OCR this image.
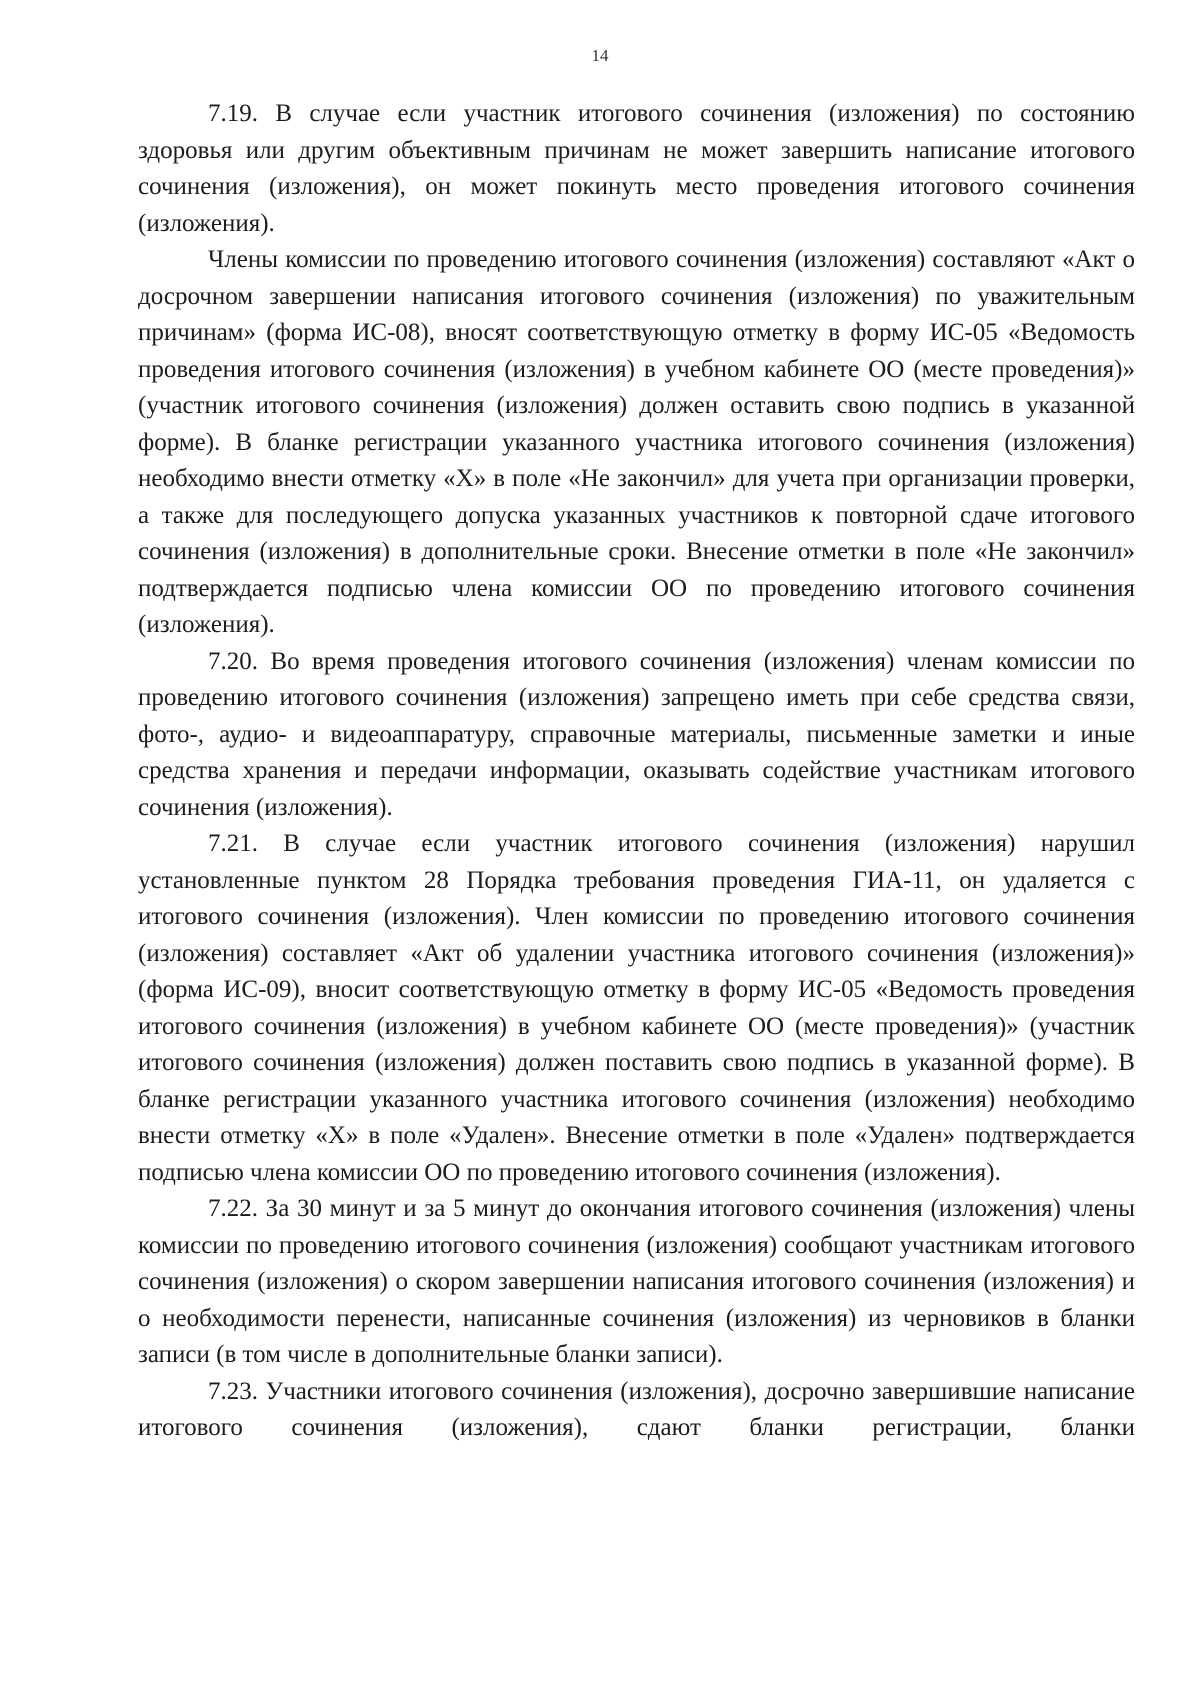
14

7.19. В случае если участник итогового сочинения (изложения) по состоянию здоровья или другим объективным причинам не может завершить написание итогового сочинения (изложения), он может покинуть место проведения итогового сочинения (изложения).

Члены комиссии по проведению итогового сочинения (изложения) составляют «Акт о досрочном завершении написания итогового сочинения (изложения) по уважительным причинам» (форма ИС-08), вносят соответствующую отметку в форму ИС-05 «Ведомость проведения итогового сочинения (изложения) в учебном кабинете ОО (месте проведения)» (участник итогового сочинения (изложения) должен оставить свою подпись в указанной форме). В бланке регистрации указанного участника итогового сочинения (изложения) необходимо внести отметку «Х» в поле «Не закончил» для учета при организации проверки, а также для последующего допуска указанных участников к повторной сдаче итогового сочинения (изложения) в дополнительные сроки. Внесение отметки в поле «Не закончил» подтверждается подписью члена комиссии ОО по проведению итогового сочинения (изложения).

7.20. Во время проведения итогового сочинения (изложения) членам комиссии по проведению итогового сочинения (изложения) запрещено иметь при себе средства связи, фото-, аудио- и видеоаппаратуру, справочные материалы, письменные заметки и иные средства хранения и передачи информации, оказывать содействие участникам итогового сочинения (изложения).

7.21. В случае если участник итогового сочинения (изложения) нарушил установленные пунктом 28 Порядка требования проведения ГИА-11, он удаляется с итогового сочинения (изложения). Член комиссии по проведению итогового сочинения (изложения) составляет «Акт об удалении участника итогового сочинения (изложения)» (форма ИС-09), вносит соответствующую отметку в форму ИС-05 «Ведомость проведения итогового сочинения (изложения) в учебном кабинете ОО (месте проведения)» (участник итогового сочинения (изложения) должен поставить свою подпись в указанной форме). В бланке регистрации указанного участника итогового сочинения (изложения) необходимо внести отметку «Х» в поле «Удален». Внесение отметки в поле «Удален» подтверждается подписью члена комиссии ОО по проведению итогового сочинения (изложения).

7.22. За 30 минут и за 5 минут до окончания итогового сочинения (изложения) члены комиссии по проведению итогового сочинения (изложения) сообщают участникам итогового сочинения (изложения) о скором завершении написания итогового сочинения (изложения) и о необходимости перенести, написанные сочинения (изложения) из черновиков в бланки записи (в том числе в дополнительные бланки записи).

7.23. Участники итогового сочинения (изложения), досрочно завершившие написание итогового сочинения (изложения), сдают бланки регистрации, бланки
